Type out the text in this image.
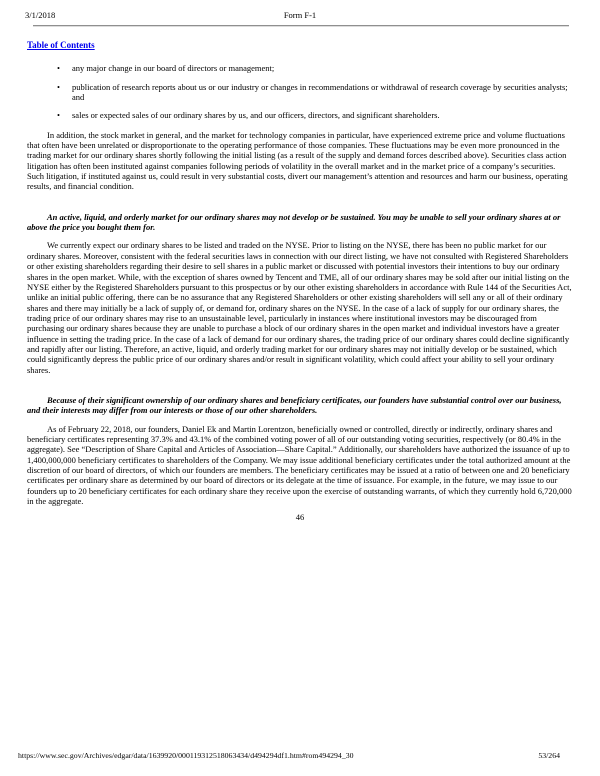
3/1/2018	Form F-1
Table of Contents
• any major change in our board of directors or management;
• publication of research reports about us or our industry or changes in recommendations or withdrawal of research coverage by securities analysts; and
• sales or expected sales of our ordinary shares by us, and our officers, directors, and significant shareholders.

In addition, the stock market in general, and the market for technology companies in particular, have experienced extreme price and volume fluctuations that often have been unrelated or disproportionate to the operating performance of those companies. These fluctuations may be even more pronounced in the trading market for our ordinary shares shortly following the initial listing (as a result of the supply and demand forces described above). Securities class action litigation has often been instituted against companies following periods of volatility in the overall market and in the market price of a company’s securities. Such litigation, if instituted against us, could result in very substantial costs, divert our management’s attention and resources and harm our business, operating results, and financial condition.

An active, liquid, and orderly market for our ordinary shares may not develop or be sustained. You may be unable to sell your ordinary shares at or above the price you bought them for.

We currently expect our ordinary shares to be listed and traded on the NYSE. Prior to listing on the NYSE, there has been no public market for our ordinary shares. Moreover, consistent with the federal securities laws in connection with our direct listing, we have not consulted with Registered Shareholders or other existing shareholders regarding their desire to sell shares in a public market or discussed with potential investors their intentions to buy our ordinary shares in the open market. While, with the exception of shares owned by Tencent and TME, all of our ordinary shares may be sold after our initial listing on the NYSE either by the Registered Shareholders pursuant to this prospectus or by our other existing shareholders in accordance with Rule 144 of the Securities Act, unlike an initial public offering, there can be no assurance that any Registered Shareholders or other existing shareholders will sell any or all of their ordinary shares and there may initially be a lack of supply of, or demand for, ordinary shares on the NYSE. In the case of a lack of supply for our ordinary shares, the trading price of our ordinary shares may rise to an unsustainable level, particularly in instances where institutional investors may be discouraged from purchasing our ordinary shares because they are unable to purchase a block of our ordinary shares in the open market and individual investors have a greater influence in setting the trading price. In the case of a lack of demand for our ordinary shares, the trading price of our ordinary shares could decline significantly and rapidly after our listing. Therefore, an active, liquid, and orderly trading market for our ordinary shares may not initially develop or be sustained, which could significantly depress the public price of our ordinary shares and/or result in significant volatility, which could affect your ability to sell your ordinary shares.

Because of their significant ownership of our ordinary shares and beneficiary certificates, our founders have substantial control over our business, and their interests may differ from our interests or those of our other shareholders.

As of February 22, 2018, our founders, Daniel Ek and Martin Lorentzon, beneficially owned or controlled, directly or indirectly, ordinary shares and beneficiary certificates representing 37.3% and 43.1% of the combined voting power of all of our outstanding voting securities, respectively (or 80.4% in the aggregate). See “Description of Share Capital and Articles of Association—Share Capital.” Additionally, our shareholders have authorized the issuance of up to 1,400,000,000 beneficiary certificates to shareholders of the Company. We may issue additional beneficiary certificates under the total authorized amount at the discretion of our board of directors, of which our founders are members. The beneficiary certificates may be issued at a ratio of between one and 20 beneficiary certificates per ordinary share as determined by our board of directors or its delegate at the time of issuance. For example, in the future, we may issue to our founders up to 20 beneficiary certificates for each ordinary share they receive upon the exercise of outstanding warrants, of which they currently hold 6,720,000 in the aggregate.

46
https://www.sec.gov/Archives/edgar/data/1639920/000119312518063434/d494294df1.htm#rom494294_30	53/264
